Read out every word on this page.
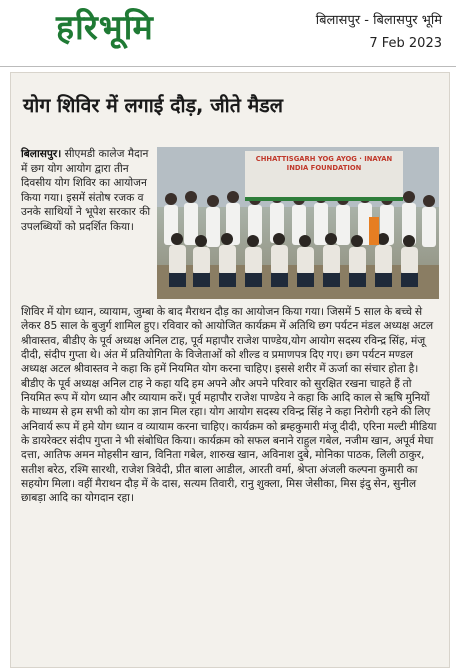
हरिभूमि	बिलासपुर - बिलासपुर भूमि
7 Feb 2023
योग शिविर में लगाई दौड़, जीते मैडल
बिलासपुर। सीएमडी कालेज मैदान में छग योग आयोग द्वारा तीन दिवसीय योग शिविर का आयोजन किया गया। इसमें संतोष रजक व उनके साथियों ने भूपेश सरकार की उपलब्धियों को प्रदर्शित किया।
CHHATTISGARH YOG AYOG · INAYAN INDIA FOUNDATION
शिविर में योग ध्यान, व्यायाम, जुम्बा के बाद मैराथन दौड़ का आयोजन किया गया। जिसमें 5 साल के बच्चे से लेकर 85 साल के बुजुर्ग शामिल हुए। रविवार को आयोजित कार्यक्रम में अतिथि छग पर्यटन मंडल अध्यक्ष अटल श्रीवास्तव, बीडीए के पूर्व अध्यक्ष अनिल टाह, पूर्व महापौर राजेश पाण्डेय,योग आयोग सदस्य रविन्द्र सिंह, मंजू दीदी, संदीप गुप्ता थे। अंत में प्रतियोगिता के विजेताओं को शील्ड व प्रमाणपत्र दिए गए। छग पर्यटन मण्डल अध्यक्ष अटल श्रीवास्तव ने कहा कि हमें नियमित योग करना चाहिए। इससे शरीर में ऊर्जा का संचार होता है। बीडीए के पूर्व अध्यक्ष अनिल टाह ने कहा यदि हम अपने और अपने परिवार को सुरक्षित रखना चाहते हैं तो नियमित रूप में योग ध्यान और व्यायाम करें। पूर्व महापौर राजेश पाण्डेय ने कहा कि आदि काल से ऋषि मुनियों के माध्यम से हम सभी को योग का ज्ञान मिल रहा। योग आयोग सदस्य रविन्द्र सिंह ने कहा निरोगी रहने की लिए अनिवार्य रूप में हमे योग ध्यान व व्यायाम करना चाहिए। कार्यक्रम को ब्रम्हकुमारी मंजू दीदी, एरिना मल्टी मीडिया के डायरेक्टर संदीप गुप्ता ने भी संबोधित किया। कार्यक्रम को सफल बनाने राहुल गबेल, नजीम खान, अपूर्व मेघा दत्ता, आतिफ अमन मोहसीन खान, विनिता गबेल, शारुख खान, अविनाश दुबे, मोनिका पाठक, लिली ठाकुर, सतीश बरेठ, रश्मि सारथी, राजेश त्रिवेदी, प्रीत बाला आडील, आरती वर्मा, श्रेप्ता अंजली कल्पना कुमारी का सहयोग मिला। वहीं मैराथन दौड़ में के दास, सत्यम तिवारी, रानु शुक्ला, मिस जेसीका, मिस इंदु सेन, सुनील छाबड़ा आदि का योगदान रहा।
